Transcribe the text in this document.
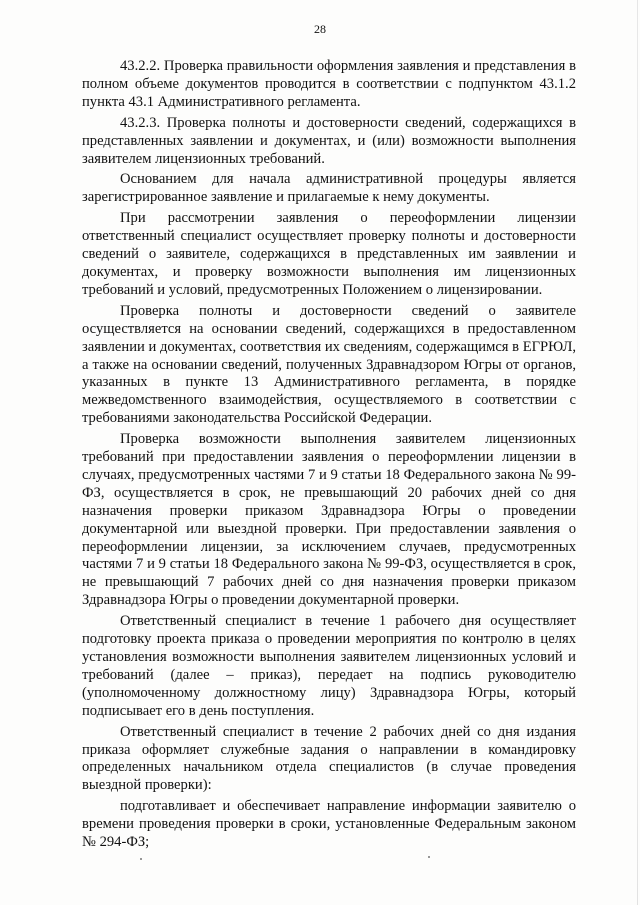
28

43.2.2. Проверка правильности оформления заявления и представления в полном объеме документов проводится в соответствии с подпунктом 43.1.2 пункта 43.1 Административного регламента.

43.2.3. Проверка полноты и достоверности сведений, содержащихся в представленных заявлении и документах, и (или) возможности выполнения заявителем лицензионных требований.

Основанием для начала административной процедуры является зарегистрированное заявление и прилагаемые к нему документы.

При рассмотрении заявления о переоформлении лицензии ответственный специалист осуществляет проверку полноты и достоверности сведений о заявителе, содержащихся в представленных им заявлении и документах, и проверку возможности выполнения им лицензионных требований и условий, предусмотренных Положением о лицензировании.

Проверка полноты и достоверности сведений о заявителе осуществляется на основании сведений, содержащихся в предоставленном заявлении и документах, соответствия их сведениям, содержащимся в ЕГРЮЛ, а также на основании сведений, полученных Здравнадзором Югры от органов, указанных в пункте 13 Административного регламента, в порядке межведомственного взаимодействия, осуществляемого в соответствии с требованиями законодательства Российской Федерации.

Проверка возможности выполнения заявителем лицензионных требований при предоставлении заявления о переоформлении лицензии в случаях, предусмотренных частями 7 и 9 статьи 18 Федерального закона № 99-ФЗ, осуществляется в срок, не превышающий 20 рабочих дней со дня назначения проверки приказом Здравнадзора Югры о проведении документарной или выездной проверки. При предоставлении заявления о переоформлении лицензии, за исключением случаев, предусмотренных частями 7 и 9 статьи 18 Федерального закона № 99-ФЗ, осуществляется в срок, не превышающий 7 рабочих дней со дня назначения проверки приказом Здравнадзора Югры о проведении документарной проверки.

Ответственный специалист в течение 1 рабочего дня осуществляет подготовку проекта приказа о проведении мероприятия по контролю в целях установления возможности выполнения заявителем лицензионных условий и требований (далее – приказ), передает на подпись руководителю (уполномоченному должностному лицу) Здравнадзора Югры, который подписывает его в день поступления.

Ответственный специалист в течение 2 рабочих дней со дня издания приказа оформляет служебные задания о направлении в командировку определенных начальником отдела специалистов (в случае проведения выездной проверки):

подготавливает и обеспечивает направление информации заявителю о времени проведения проверки в сроки, установленные Федеральным законом № 294-ФЗ;
